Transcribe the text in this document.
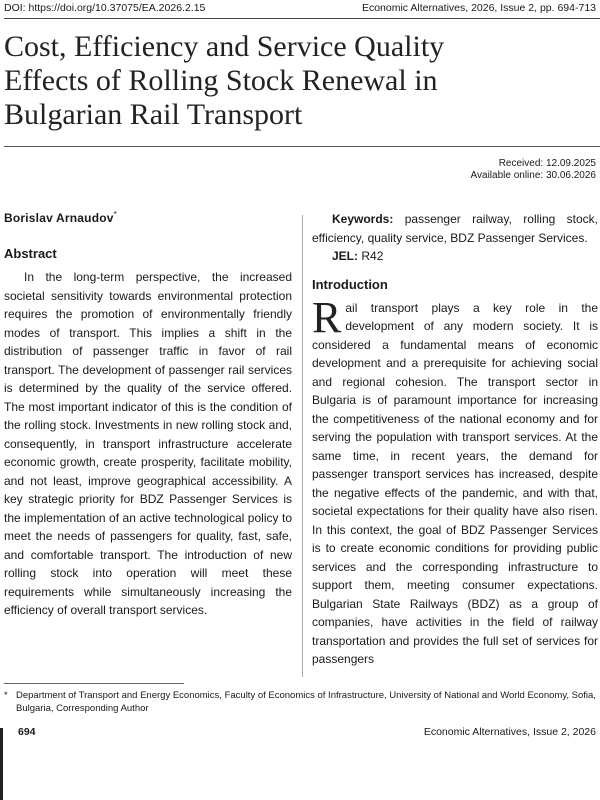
DOI: https://doi.org/10.37075/EA.2026.2.15	Economic Alternatives, 2026, Issue 2, pp. 694-713
Cost, Efficiency and Service Quality
Effects of Rolling Stock Renewal in
Bulgarian Rail Transport
Received: 12.09.2025
Available online: 30.06.2026
Borislav Arnaudov*
Abstract

In the long-term perspective, the increased societal sensitivity towards environmental protection requires the promotion of environmentally friendly modes of transport. This implies a shift in the distribution of passenger traffic in favor of rail transport. The development of passenger rail services is determined by the quality of the service offered. The most important indicator of this is the condition of the rolling stock. Investments in new rolling stock and, consequently, in transport infrastructure accelerate economic growth, create prosperity, facilitate mobility, and not least, improve geographical accessibility. A key strategic priority for BDZ Passenger Services is the implementation of an active technological policy to meet the needs of passengers for quality, fast, safe, and comfortable transport. The introduction of new rolling stock into operation will meet these requirements while simultaneously increasing the efficiency of overall transport services.

Keywords: passenger railway, rolling stock, efficiency, quality service, BDZ Passenger Services.

JEL: R42

Introduction
Rail transport plays a key role in the development of any modern society. It is considered a fundamental means of economic development and a prerequisite for achieving social and regional cohesion. The transport sector in Bulgaria is of paramount importance for increasing the competitiveness of the national economy and for serving the population with transport services. At the same time, in recent years, the demand for passenger transport services has increased, despite the negative effects of the pandemic, and with that, societal expectations for their quality have also risen. In this context, the goal of BDZ Passenger Services is to create economic conditions for providing public services and the corresponding infrastructure to support them, meeting consumer expectations. Bulgarian State Railways (BDZ) as a group of companies, have activities in the field of railway transportation and provides the full set of services for passengers
* Department of Transport and Energy Economics, Faculty of Economics of Infrastructure, University of National and World Economy, Sofia, Bulgaria, Corresponding Author
694	Economic Alternatives, Issue 2, 2026
